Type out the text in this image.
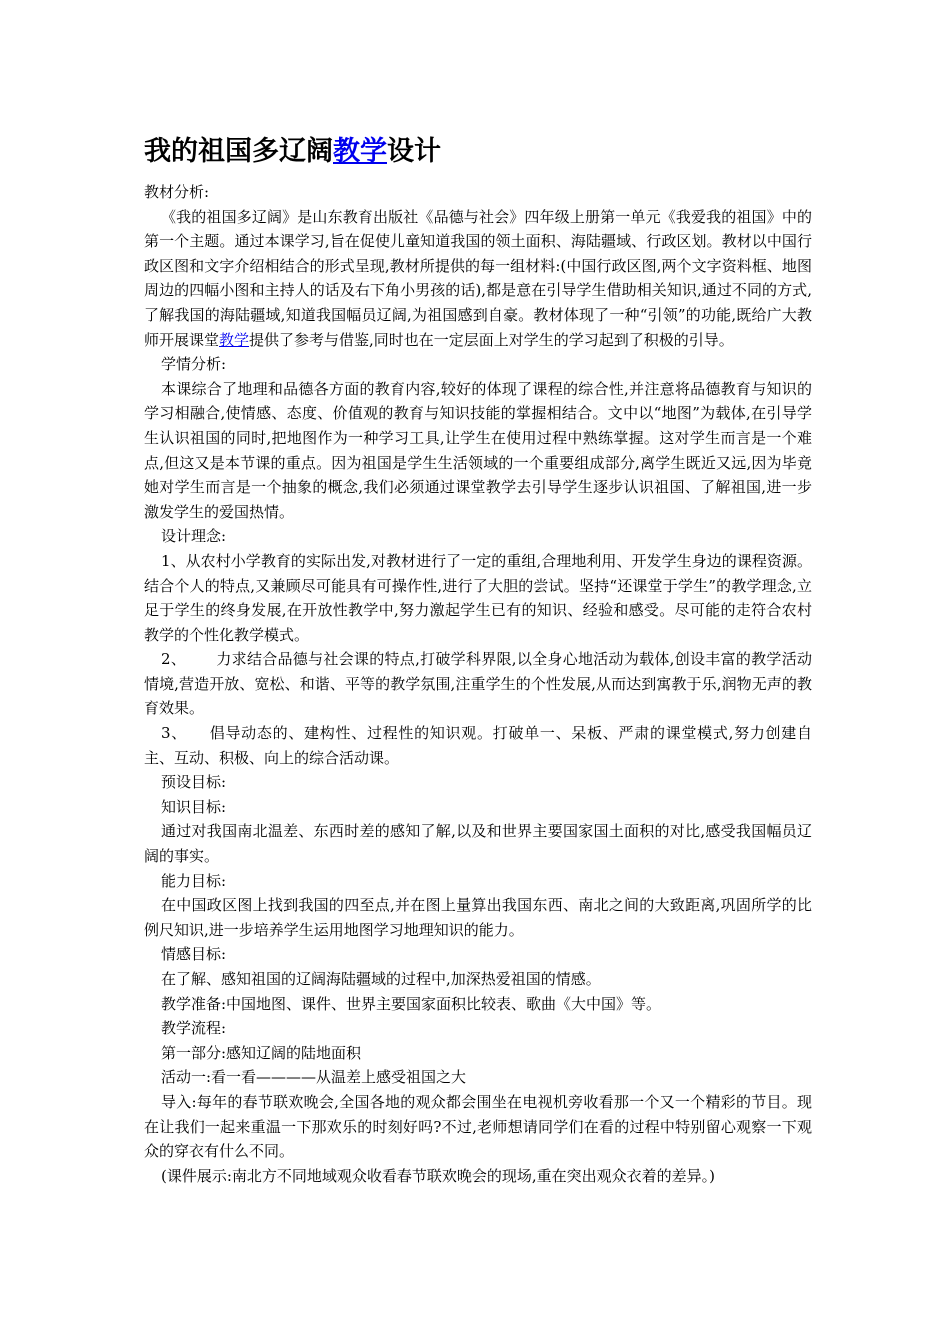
我的祖国多辽阔教学设计

教材分析:

《我的祖国多辽阔》是山东教育出版社《品德与社会》四年级上册第一单元《我爱我的祖国》中的第一个主题。通过本课学习,旨在促使儿童知道我国的领土面积、海陆疆域、行政区划。教材以中国行政区图和文字介绍相结合的形式呈现,教材所提供的每一组材料:(中国行政区图,两个文字资料框、地图周边的四幅小图和主持人的话及右下角小男孩的话),都是意在引导学生借助相关知识,通过不同的方式,了解我国的海陆疆域,知道我国幅员辽阔,为祖国感到自豪。教材体现了一种“引领”的功能,既给广大教师开展课堂教学提供了参考与借鉴,同时也在一定层面上对学生的学习起到了积极的引导。

学情分析:

本课综合了地理和品德各方面的教育内容,较好的体现了课程的综合性,并注意将品德教育与知识的学习相融合,使情感、态度、价值观的教育与知识技能的掌握相结合。文中以“地图”为载体,在引导学生认识祖国的同时,把地图作为一种学习工具,让学生在使用过程中熟练掌握。这对学生而言是一个难点,但这又是本节课的重点。因为祖国是学生生活领域的一个重要组成部分,离学生既近又远,因为毕竟她对学生而言是一个抽象的概念,我们必须通过课堂教学去引导学生逐步认识祖国、了解祖国,进一步激发学生的爱国热情。

设计理念:

1、从农村小学教育的实际出发,对教材进行了一定的重组,合理地利用、开发学生身边的课程资源。结合个人的特点,又兼顾尽可能具有可操作性,进行了大胆的尝试。坚持“还课堂于学生”的教学理念,立足于学生的终身发展,在开放性教学中,努力激起学生已有的知识、经验和感受。尽可能的走符合农村教学的个性化教学模式。

2、 力求结合品德与社会课的特点,打破学科界限,以全身心地活动为载体,创设丰富的教学活动情境,营造开放、宽松、和谐、平等的教学氛围,注重学生的个性发展,从而达到寓教于乐,润物无声的教育效果。

3、 倡导动态的、建构性、过程性的知识观。打破单一、呆板、严肃的课堂模式,努力创建自主、互动、积极、向上的综合活动课。

预设目标:

知识目标:

通过对我国南北温差、东西时差的感知了解,以及和世界主要国家国土面积的对比,感受我国幅员辽阔的事实。

能力目标:

在中国政区图上找到我国的四至点,并在图上量算出我国东西、南北之间的大致距离,巩固所学的比例尺知识,进一步培养学生运用地图学习地理知识的能力。

情感目标:

在了解、感知祖国的辽阔海陆疆域的过程中,加深热爱祖国的情感。

教学准备:中国地图、课件、世界主要国家面积比较表、歌曲《大中国》等。

教学流程:

第一部分:感知辽阔的陆地面积

活动一:看一看————从温差上感受祖国之大

导入:每年的春节联欢晚会,全国各地的观众都会围坐在电视机旁收看那一个又一个精彩的节目。现在让我们一起来重温一下那欢乐的时刻好吗?不过,老师想请同学们在看的过程中特别留心观察一下观众的穿衣有什么不同。

(课件展示:南北方不同地域观众收看春节联欢晚会的现场,重在突出观众衣着的差异。)
